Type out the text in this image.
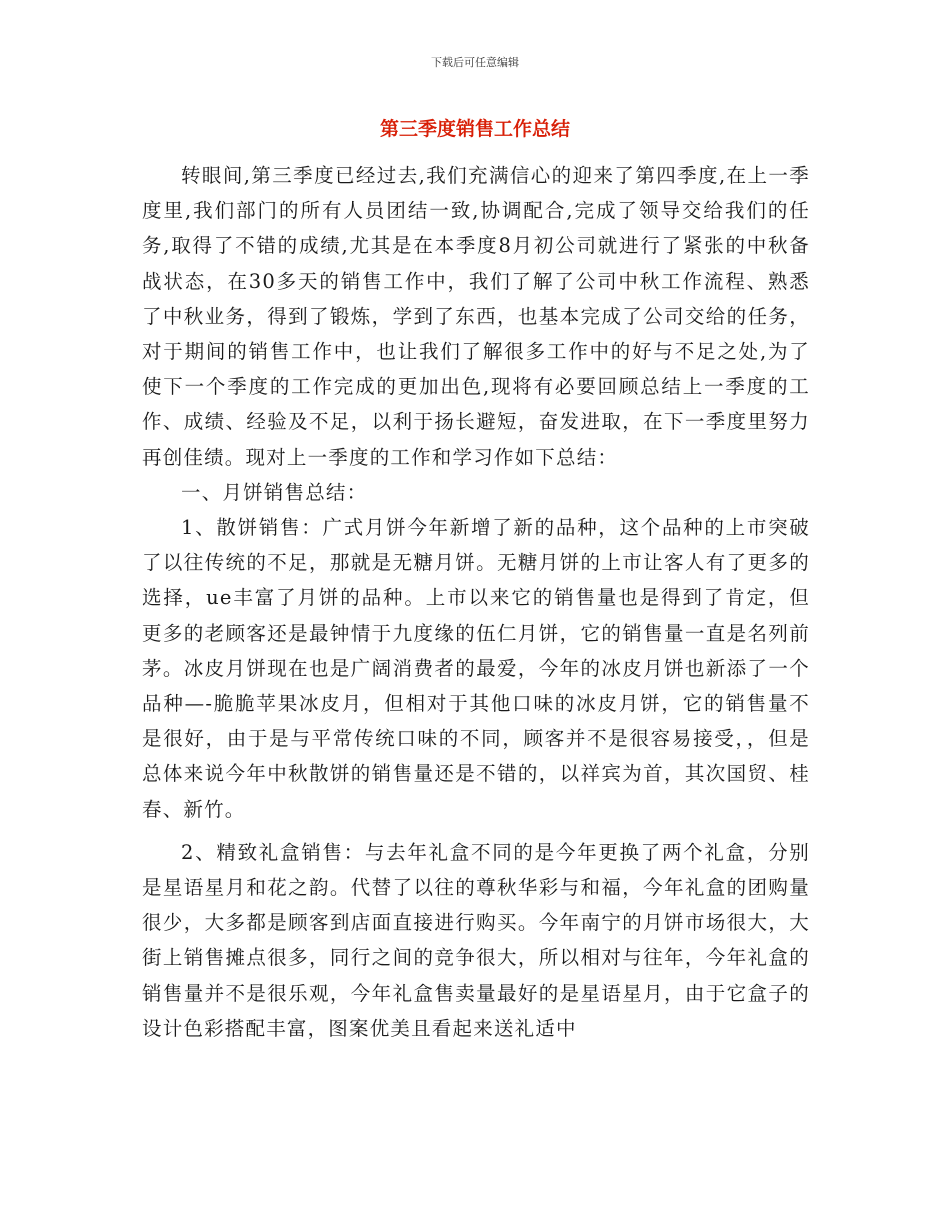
下载后可任意编辑
第三季度销售工作总结

转眼间,第三季度已经过去,我们充满信心的迎来了第四季度,在上一季度里,我们部门的所有人员团结一致,协调配合,完成了领导交给我们的任务,取得了不错的成绩,尤其是在本季度8月初公司就进行了紧张的中秋备战状态，在30多天的销售工作中，我们了解了公司中秋工作流程、熟悉了中秋业务，得到了锻炼，学到了东西，也基本完成了公司交给的任务，对于期间的销售工作中，也让我们了解很多工作中的好与不足之处,为了使下一个季度的工作完成的更加出色,现将有必要回顾总结上一季度的工作、成绩、经验及不足，以利于扬长避短，奋发进取，在下一季度里努力再创佳绩。现对上一季度的工作和学习作如下总结：

一、月饼销售总结：

1、散饼销售：广式月饼今年新增了新的品种，这个品种的上市突破了以往传统的不足，那就是无糖月饼。无糖月饼的上市让客人有了更多的选择，ue丰富了月饼的品种。上市以来它的销售量也是得到了肯定，但更多的老顾客还是最钟情于九度缘的伍仁月饼，它的销售量一直是名列前茅。冰皮月饼现在也是广阔消费者的最爱，今年的冰皮月饼也新添了一个品种—-脆脆苹果冰皮月，但相对于其他口味的冰皮月饼，它的销售量不是很好，由于是与平常传统口味的不同，顾客并不是很容易接受，，但是总体来说今年中秋散饼的销售量还是不错的，以祥宾为首，其次国贸、桂春、新竹。

2、精致礼盒销售：与去年礼盒不同的是今年更换了两个礼盒，分别是星语星月和花之韵。代替了以往的尊秋华彩与和福，今年礼盒的团购量很少，大多都是顾客到店面直接进行购买。今年南宁的月饼市场很大，大街上销售摊点很多，同行之间的竞争很大，所以相对与往年，今年礼盒的销售量并不是很乐观，今年礼盒售卖量最好的是星语星月，由于它盒子的设计色彩搭配丰富，图案优美且看起来送礼适中
